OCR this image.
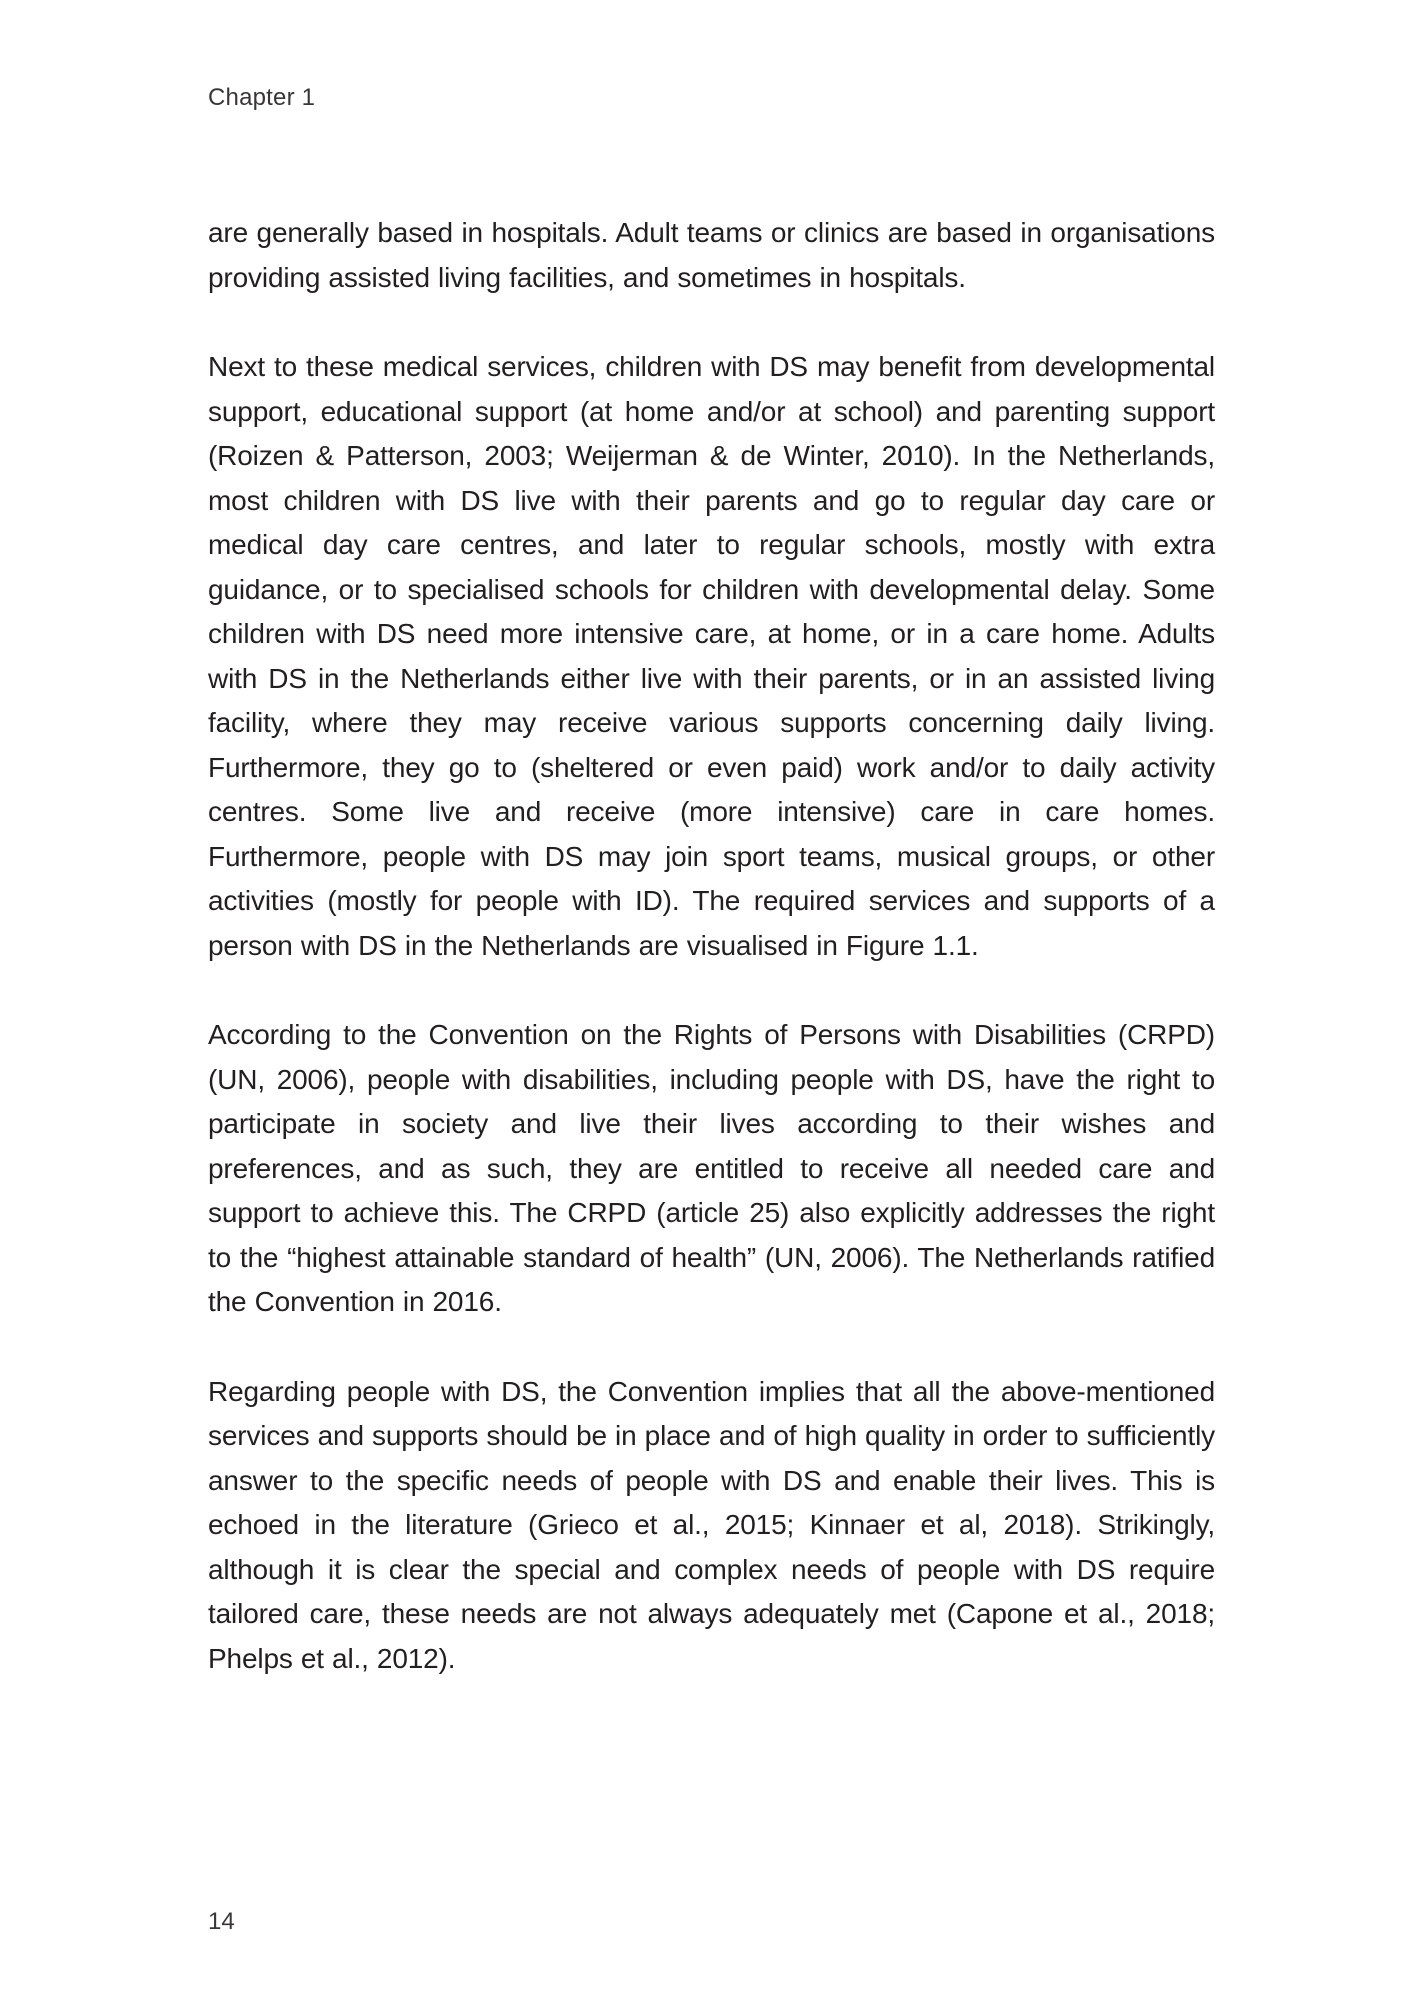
Chapter 1

are generally based in hospitals. Adult teams or clinics are based in organisations providing assisted living facilities, and sometimes in hospitals.

Next to these medical services, children with DS may benefit from developmental support, educational support (at home and/or at school) and parenting support (Roizen & Patterson, 2003; Weijerman & de Winter, 2010). In the Netherlands, most children with DS live with their parents and go to regular day care or medical day care centres, and later to regular schools, mostly with extra guidance, or to specialised schools for children with developmental delay. Some children with DS need more intensive care, at home, or in a care home. Adults with DS in the Netherlands either live with their parents, or in an assisted living facility, where they may receive various supports concerning daily living. Furthermore, they go to (sheltered or even paid) work and/or to daily activity centres. Some live and receive (more intensive) care in care homes. Furthermore, people with DS may join sport teams, musical groups, or other activities (mostly for people with ID). The required services and supports of a person with DS in the Netherlands are visualised in Figure 1.1.

According to the Convention on the Rights of Persons with Disabilities (CRPD) (UN, 2006), people with disabilities, including people with DS, have the right to participate in society and live their lives according to their wishes and preferences, and as such, they are entitled to receive all needed care and support to achieve this. The CRPD (article 25) also explicitly addresses the right to the “highest attainable standard of health” (UN, 2006). The Netherlands ratified the Convention in 2016.

Regarding people with DS, the Convention implies that all the above-mentioned services and supports should be in place and of high quality in order to sufficiently answer to the specific needs of people with DS and enable their lives. This is echoed in the literature (Grieco et al., 2015; Kinnaer et al, 2018). Strikingly, although it is clear the special and complex needs of people with DS require tailored care, these needs are not always adequately met (Capone et al., 2018; Phelps et al., 2012).

14
